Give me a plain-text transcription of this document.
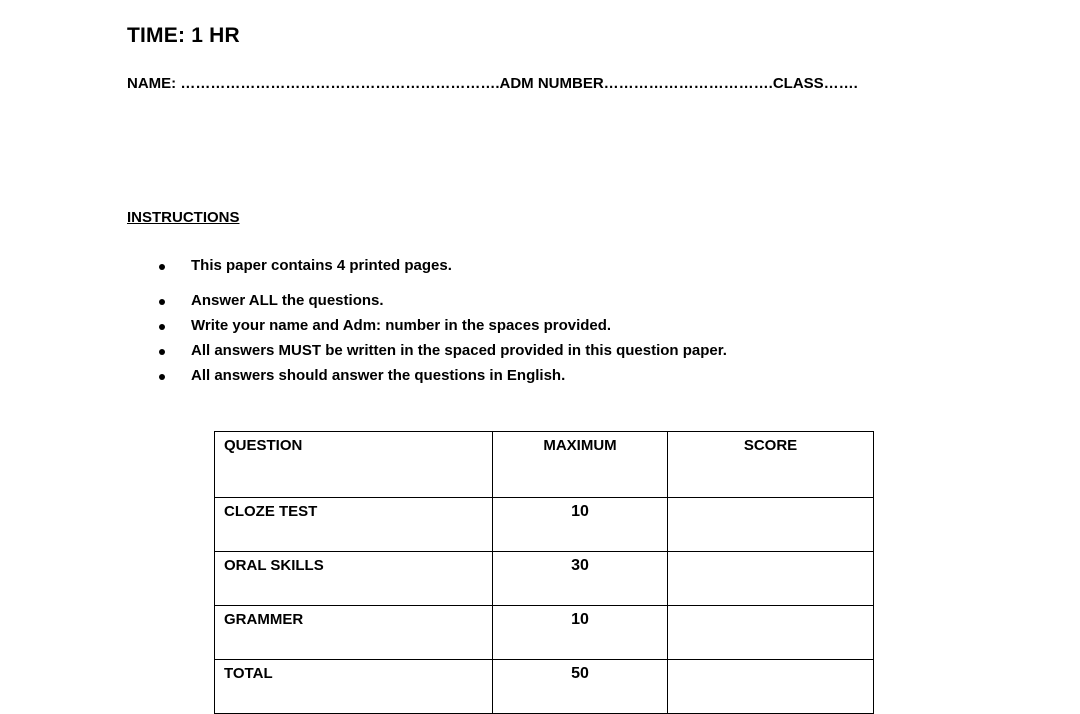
TIME: 1 HR
NAME: ……………………………………………………….ADM NUMBER…………………………….CLASS…….
INSTRUCTIONS
This paper contains 4 printed pages.
Answer ALL the questions.
Write your name and Adm: number in the spaces provided.
All answers MUST be written in the spaced provided in this question paper.
All answers should answer the questions in English.
QUESTION	MAXIMUM	SCORE
CLOZE TEST	10	
ORAL SKILLS	30	
GRAMMER	10	
TOTAL	50	
